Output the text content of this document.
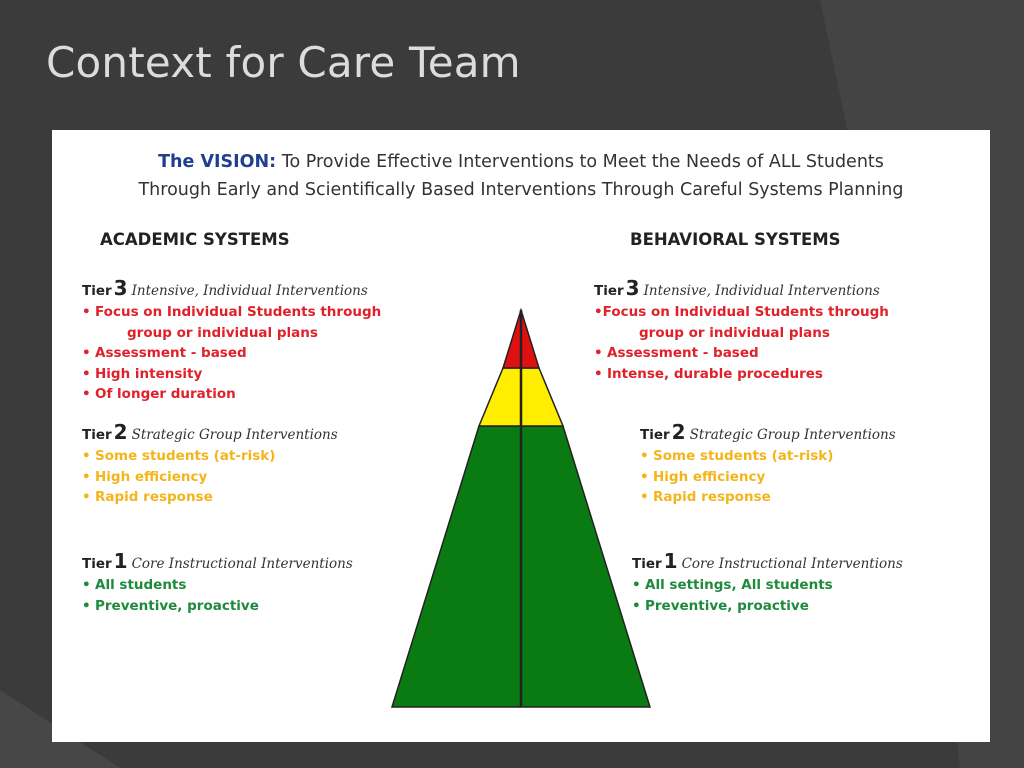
Context for Care Team
The VISION: To Provide Effective Interventions to Meet the Needs of ALL Students
Through Early and Scientifically Based Interventions Through Careful Systems Planning
ACADEMIC SYSTEMS
Tier 3 Intensive, Individual Interventions
• Focus on Individual Students through
group or individual plans
• Assessment - based
• High intensity
• Of longer duration
Tier 2 Strategic Group Interventions
• Some students (at-risk)
• High efficiency
• Rapid response
Tier 1 Core Instructional Interventions
• All students
• Preventive, proactive
BEHAVIORAL SYSTEMS
Tier 3 Intensive, Individual Interventions
•Focus on Individual Students through
group or individual plans
• Assessment - based
• Intense, durable procedures
Tier 2 Strategic Group Interventions
• Some students (at-risk)
• High efficiency
• Rapid response
Tier 1 Core Instructional Interventions
• All settings, All students
• Preventive, proactive
